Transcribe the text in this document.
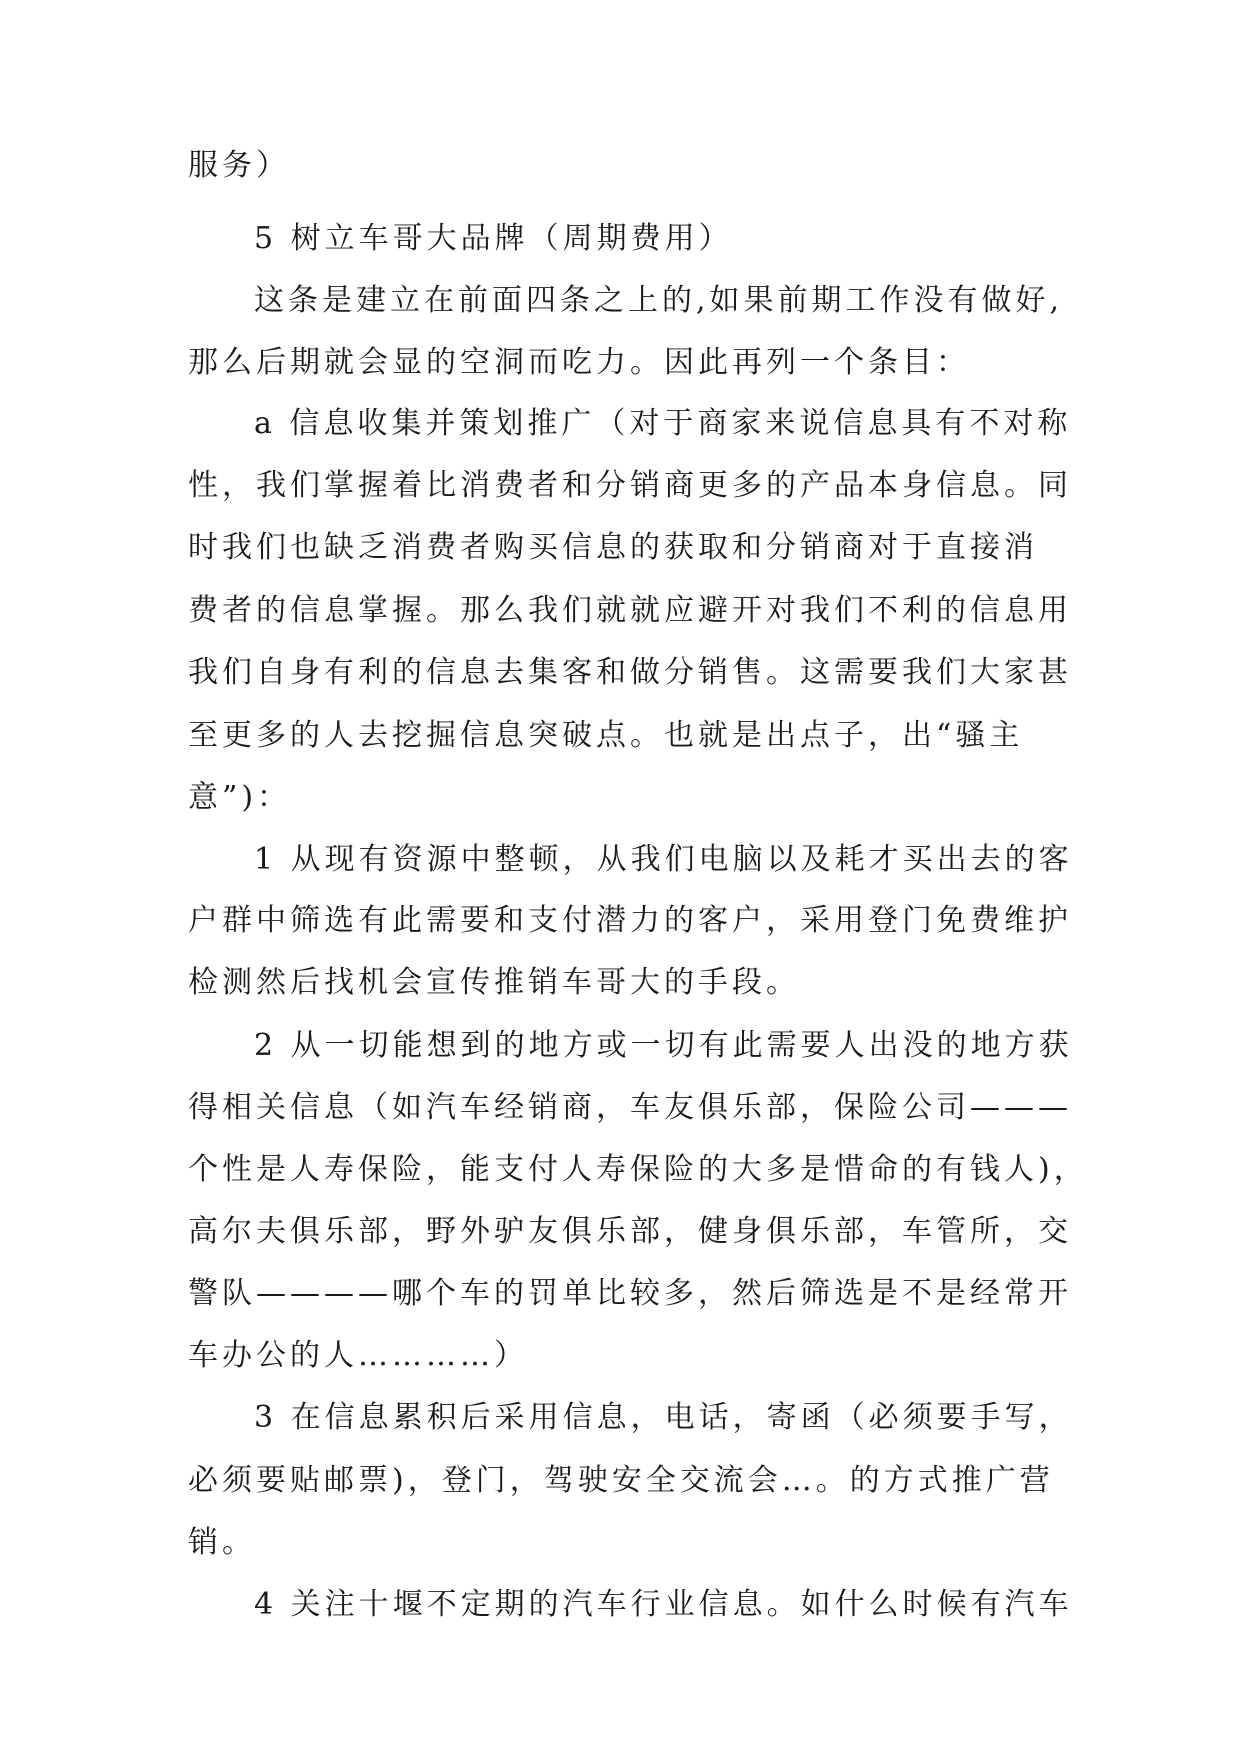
服务）
5 树立车哥大品牌（周期费用）
这条是建立在前面四条之上的,如果前期工作没有做好,
那么后期就会显的空洞而吃力。因此再列一个条目：
a 信息收集并策划推广（对于商家来说信息具有不对称
性，我们掌握着比消费者和分销商更多的产品本身信息。同
时我们也缺乏消费者购买信息的获取和分销商对于直接消
费者的信息掌握。那么我们就就应避开对我们不利的信息用
我们自身有利的信息去集客和做分销售。这需要我们大家甚
至更多的人去挖掘信息突破点。也就是出点子，出“骚主
意”)：
1 从现有资源中整顿，从我们电脑以及耗才买出去的客
户群中筛选有此需要和支付潜力的客户，采用登门免费维护
检测然后找机会宣传推销车哥大的手段。
2 从一切能想到的地方或一切有此需要人出没的地方获
得相关信息（如汽车经销商，车友俱乐部，保险公司———
个性是人寿保险，能支付人寿保险的大多是惜命的有钱人)，
高尔夫俱乐部，野外驴友俱乐部，健身俱乐部，车管所，交
警队————哪个车的罚单比较多，然后筛选是不是经常开
车办公的人…………）
3 在信息累积后采用信息，电话，寄函（必须要手写，
必须要贴邮票)，登门，驾驶安全交流会…。的方式推广营
销。
4 关注十堰不定期的汽车行业信息。如什么时候有汽车
